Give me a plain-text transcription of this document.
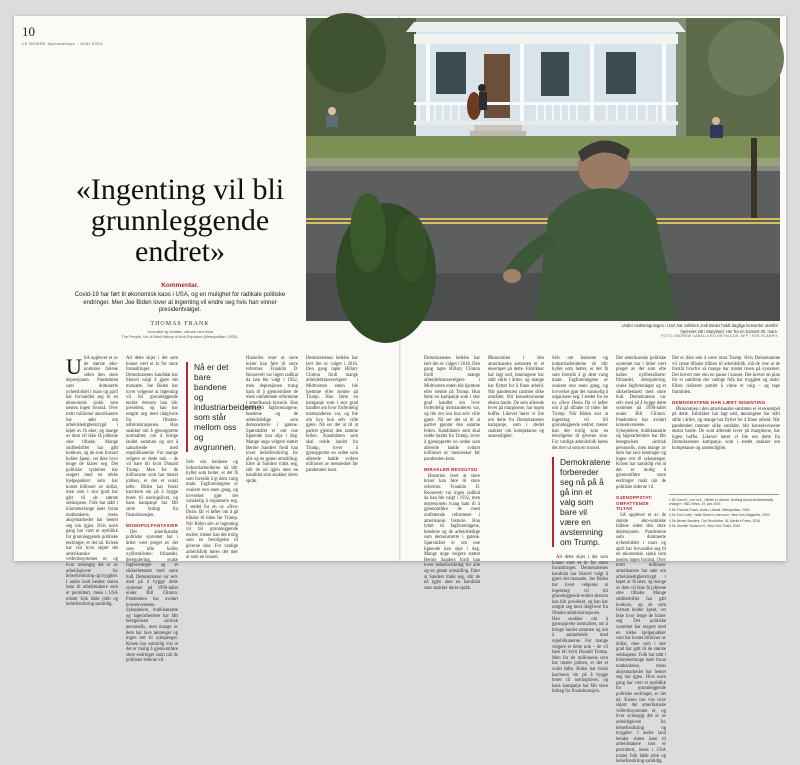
10
LE MONDE diplomatique · JUNI 2024
Under nedstengningen i USA har cellisten Jodi Beder holdt daglige konserter utenfor hjemmet sitt i Maryland. Her fra en konsert 30. mars.
FOTO: ANDREW CABALLERO-REYNOLDS, AFP / NTB SCANPIX
«Ingenting vil bli grunnleggende endret»
Kommentar.
Covid-19 har ført til økonomisk kaos i USA, og en mulighet for radikale politiske endringer. Men Joe Biden lover at ingenting vil endre seg hvis han vinner presidentvalget.
THOMAS FRANK
Journalist og forfatter, aktuell med boka
The People, No: A Brief History of Anti-Populism (Metropolitan, 2020).

USA opplever et av de største øko-nomiske fallene siden den store depresjonen. Pandemien som dominerte nyhetsbildet i mars og april har forvandlet seg til en økonomisk sjokk som nesten ingen forutså. Over tretti millioner amerikanere har søkt om arbeidsledighetstrygd i løpet av få uker, og mange av dem vil ikke få jobbene sine tilbake. Mange småbedrifter har gått konkurs, og de som fortsatt holder åpent, vet ikke hvor lenge de klarer seg. Det politiske systemet har reagert med en rekke hjelpepakker som har kostet billioner av dollar, men som i stor grad har gått til de største selskapene. Folk har stått i kilometerlange køer foran matbankene, mens aksjemarkedet har hentet seg inn igjen. Hvis noen gang har vært et øyeblikk for grunnleggende politiske endringer, er det nå. Krisen har vist hvor skjørt det amerikanske velferdssystemet er, og hvor avhengig det er av arbeidsgivere for helseforsikring og trygghet. I andre land betaler staten lønn til arbeidstakere som er permittert, mens i USA mister folk både jobb og helseforsikring samtidig.

Alt dette skjer i det som kunne vært et år for store forandringer. Demokratenes kandidat har likevel valgt å gjøre det motsatte. Joe Biden har lovet velgerne at ingenting vil bli grunnleggende endret dersom han blir president, og han har omgitt seg med rådgivere fra Obama-administrasjonen. Han snakker om å gjenopprette normalitet, om å bringe landet sammen og om å samarbeide med republikanerne. For mange velgere er dette nok – de vil bare bli kvitt Donald Trump. Men for de millionene som har mistet jobben, er det et svakt løfte. Biden har brukt karrieren sin på å bygge broer til næringslivet, og hans kampanje har fått store bidrag fra finansbransjen.

MONOPOLFANTASIER

Det amerikanske politiske systemet har i årtier vært preget av det som ofte kalles nyliberalisme: frihandel, deregulering, svake fagforeninger og et sikkerhetsnett med store hull. Demokratene var selv med på å bygge dette systemet på 1990-tallet under Bill Clinton. Pandemien har avslørt konsekvensene. Sykepleiere, butikkansatte og lagerarbeidere har fått betegnelsen «kritisk personell», men mange av dem har lave lønninger og ingen rett til sykepenger. Krisen har samtidig vist at det er mulig å gjennomføre store endringer raskt når de politiske lederne vil.

Nå er det bare bandene og industriarbeiderne som står mellom oss og avgrunnen.

Selv om bankene og industriarbeiderne nå blir hyllet som helter, er det få som foreslår å gi dem varig makt. Fagforeningene er svakere enn noen gang, og lovverket gjør det vanskelig å organisere seg. I stedet for en ny «New Deal» får vi løfter om å gå tilbake til tiden før Trump. Når Biden sier at ingenting vil bli grunnleggende endret, mener han det trolig som en beroligelse til giverne sine. For vanlige arbeidsfolk høres det mer ut som en trussel.

Historien viser at store kriser kan føre til store reformer. Franklin D. Roosevelt var ingen radikal da han ble valgt i 1932, men depresjonen tvang ham til å gjennomføre de mest omfattende reformene i amerikansk historie. Han lyttet til fagforeningene, bøndene og de arbeidsledige som demonstrerte i gatene. Spørsmålet er om noe lignende kan skje i dag. Mange unge velgere støttet Bernie Sanders fordi han lovet helseforsikring for alle og en grønn omstilling. Etter at Sanders trakk seg, står de nå igjen uten en kandidat som snakker deres språk.

Demokratenes ledelse har lært lite av valget i 2016. Den gang tapte Hillary Clinton fordi mange arbeiderklassevelgere i Midtvesten enten ble hjemme eller stemte på Trump. Hun førte en kampanje som i stor grad handlet om hvor forferdelig motstanderen var, og lite om hva hun selv ville gjøre. Nå ser det ut til at partiet gjentar den samme feilen. Kandidaten som skal redde landet fra Trump, lover å gjenopprette en orden som allerede hadde sviktet millioner av mennesker før pandemien kom.

Demokratenes ledelse har lært lite av valget i 2016. Den gang tapte Hillary Clinton fordi mange arbeiderklassevelgere i Midtvesten enten ble hjemme eller stemte på Trump. Hun førte en kampanje som i stor grad handlet om hvor forferdelig motstanderen var, og lite om hva hun selv ville gjøre. Nå ser det ut til at partiet gjentar den samme feilen. Kandidaten som skal redde landet fra Trump, lover å gjenopprette en orden som allerede hadde sviktet millioner av mennesker før pandemien kom.

MIRAKLER RESSUTSU

Historien viser at store kriser kan føre til store reformer. Franklin D. Roosevelt var ingen radikal da han ble valgt i 1932, men depresjonen tvang ham til å gjennomføre de mest omfattende reformene i amerikansk historie. Han lyttet til fagforeningene, bøndene og de arbeidsledige som demonstrerte i gatene. Spørsmålet er om noe lignende kan skje i dag. Mange unge velgere støttet Bernie Sanders fordi han lovet helseforsikring for alle og en grønn omstilling. Etter at Sanders trakk seg, står de nå igjen uten en kandidat som snakker deres språk.

Økonomien i den amerikanske sørstaten er et eksempel på dette. Fabrikker har lagt ned, lønningene har stått stille i årtier, og mange har flyttet for å finne arbeid. Når pandemien rammer slike områder, blir konsekvensene ekstra harde. De som allerede lever på marginene, har ingen buffer. Likevel hører vi lite om dette fra Demokratenes kampanje, som i stedet snakker om kompetanse og anstendighet.

Selv om bankene og industriarbeiderne nå blir hyllet som helter, er det få som foreslår å gi dem varig makt. Fagforeningene er svakere enn noen gang, og lovverket gjør det vanskelig å organisere seg. I stedet for en ny «New Deal» får vi løfter om å gå tilbake til tiden før Trump. Når Biden sier at ingenting vil bli grunnleggende endret, mener han det trolig som en beroligelse til giverne sine. For vanlige arbeidsfolk høres det mer ut som en trussel.

Demokratene forbereder seg nå på å gå inn et valg som bare vil være en avstemning om Trump.

Alt dette skjer i det som kunne vært et år for store forandringer. Demokratenes kandidat har likevel valgt å gjøre det motsatte. Joe Biden har lovet velgerne at ingenting vil bli grunnleggende endret dersom han blir president, og han har omgitt seg med rådgivere fra Obama-administrasjonen. Han snakker om å gjenopprette normalitet, om å bringe landet sammen og om å samarbeide med republikanerne. For mange velgere er dette nok – de vil bare bli kvitt Donald Trump. Men for de millionene som har mistet jobben, er det et svakt løfte. Biden har brukt karrieren sin på å bygge broer til næringslivet, og hans kampanje har fått store bidrag fra finansbransjen.

Det amerikanske politiske systemet har i årtier vært preget av det som ofte kalles nyliberalisme: frihandel, deregulering, svake fagforeninger og et sikkerhetsnett med store hull. Demokratene var selv med på å bygge dette systemet på 1990-tallet under Bill Clinton. Pandemien har avslørt konsekvensene. Sykepleiere, butikkansatte og lagerarbeidere har fått betegnelsen «kritisk personell», men mange av dem har lave lønninger og ingen rett til sykepenger. Krisen har samtidig vist at det er mulig å gjennomføre store endringer raskt når de politiske lederne vil.

GJENOPPSTAT: OMFATTENDE TILTAK

SA opplever et av de største øko-nomiske fallene siden den store depresjonen. Pandemien som dominerte nyhetsbildet i mars og april har forvandlet seg til en økonomisk sjokk som nesten ingen forutså. Over tretti millioner amerikanere har søkt om arbeidsledighetstrygd i løpet av få uker, og mange av dem vil ikke få jobbene sine tilbake. Mange småbedrifter har gått konkurs, og de som fortsatt holder åpent, vet ikke hvor lenge de klarer seg. Det politiske systemet har reagert med en rekke hjelpepakker som har kostet billioner av dollar, men som i stor grad har gått til de største selskapene. Folk har stått i kilometerlange køer foran matbankene, mens aksjemarkedet har hentet seg inn igjen. Hvis noen gang har vært et øyeblikk for grunnleggende politiske endringer, er det nå. Krisen har vist hvor skjørt det amerikanske velferdssystemet er, og hvor avhengig det er av arbeidsgivere for helseforsikring og trygghet. I andre land betaler staten lønn til arbeidstakere som er permittert, mens i USA mister folk både jobb og helseforsikring samtidig.

Det er ikke nok å være imot Trump. Hvis Demokratene vil vinne tilbake tilliten til arbeidsfolk, må de vise at de forstår hvorfor så mange har mistet troen på systemet. Det krever mer enn en pause i kaoset. Det krever en plan for et samfunn der vanlige folk har trygghet og makt. Ellers risikerer partiet å vinne et valg – og tape framtiden.

DEMOKRATENE HAR LÆRT INGENTING

Økonomien i den amerikanske sørstaten er et eksempel på dette. Fabrikker har lagt ned, lønningene har stått stille i årtier, og mange har flyttet for å finne arbeid. Når pandemien rammer slike områder, blir konsekvensene ekstra harde. De som allerede lever på marginene, har ingen buffer. Likevel hører vi lite om dette fra Demokratenes kampanje, som i stedet snakker om kompetanse og anstendighet.

1 Se Carol E. Lee m.fl., «Biden to donors: Nothing would fundamentally change», NBC News, 19. juni 2019.
2 Se Thomas Frank, Listen, Liberal, Metropolitan, 2016.
3 Se Eric Levitz, «Wall Street is nervous», New York Magazine, 2020.
4 Se Bernie Sanders, Our Revolution, St. Martin's Press, 2016.
5 Se Jennifer Szalai m.fl., New York Times, 2020.
